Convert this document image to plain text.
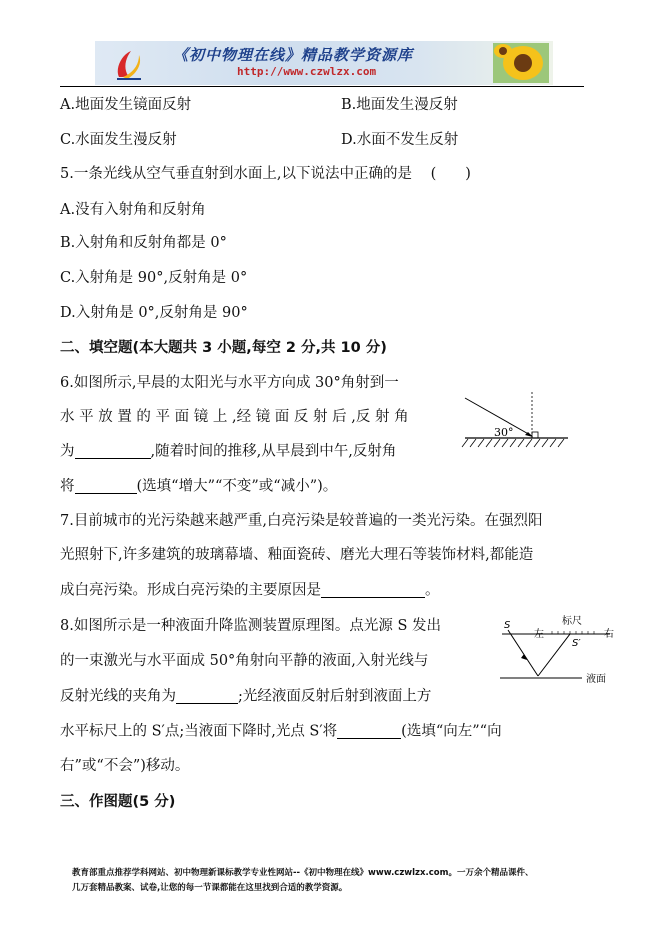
《初中物理在线》精品教学资源库
http://www.czwlzx.com
A.地面发生镜面反射	B.地面发生漫反射
C.水面发生漫反射	D.水面不发生反射
5.一条光线从空气垂直射到水面上,以下说法中正确的是 (　　)
A.没有入射角和反射角
B.入射角和反射角都是 0°
C.入射角是 90°,反射角是 0°
D.入射角是 0°,反射角是 90°
二、填空题(本大题共 3 小题,每空 2 分,共 10 分)
6.如图所示,早晨的太阳光与水平方向成 30°角射到一
水 平 放 置 的 平 面 镜 上 ,经 镜 面 反 射 后 ,反 射 角
为	,随着时间的推移,从早晨到中午,反射角
将	(选填“增大”“不变”或“减小”)。
30°
7.目前城市的光污染越来越严重,白亮污染是较普遍的一类光污染。在强烈阳
光照射下,许多建筑的玻璃幕墙、釉面瓷砖、磨光大理石等装饰材料,都能造
成白亮污染。形成白亮污染的主要原因是	。
8.如图所示是一种液面升降监测装置原理图。点光源 S 发出
的一束激光与水平面成 50°角射向平静的液面,入射光线与
反射光线的夹角为	;光经液面反射后射到液面上方
水平标尺上的 S′点;当液面下降时,光点 S′将	(选填“向左”“向
右”或“不会”)移动。
S	标尺
左	右
S′
液面
三、作图题(5 分)
教育部重点推荐学科网站、初中物理新课标教学专业性网站--《初中物理在线》www.czwlzx.com。一万余个精品课件、
几万套精品教案、试卷,让您的每一节课都能在这里找到合适的教学资源。
